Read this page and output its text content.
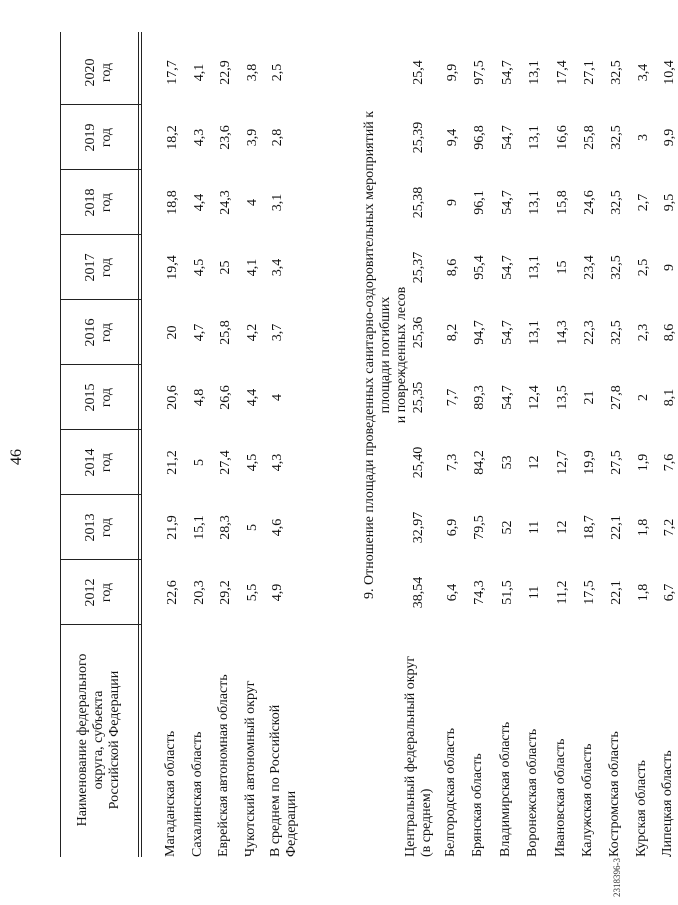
46
Наименование федерального округа, субъекта Российской Федерации
2012 год
2013 год
2014 год
2015 год
2016 год
2017 год
2018 год
2019 год
2020 год
Магаданская область
22,6
21,9
21,2
20,6
20
19,4
18,8
18,2
17,7
Сахалинская область
20,3
15,1
5
4,8
4,7
4,5
4,4
4,3
4,1
Еврейская автономная область
29,2
28,3
27,4
26,6
25,8
25
24,3
23,6
22,9
Чукотский автономный округ
5,5
5
4,5
4,4
4,2
4,1
4
3,9
3,8
В среднем по Российской Федерации
4,9
4,6
4,3
4
3,7
3,4
3,1
2,8
2,5
Центральный федеральный округ (в среднем)
38,54
32,97
25,40
25,35
25,36
25,37
25,38
25,39
25,4
Белгородская область
6,4
6,9
7,3
7,7
8,2
8,6
9
9,4
9,9
Брянская область
74,3
79,5
84,2
89,3
94,7
95,4
96,1
96,8
97,5
Владимирская область
51,5
52
53
54,7
54,7
54,7
54,7
54,7
54,7
Воронежская область
11
11
12
12,4
13,1
13,1
13,1
13,1
13,1
Ивановская область
11,2
12
12,7
13,5
14,3
15
15,8
16,6
17,4
Калужская область
17,5
18,7
19,9
21
22,3
23,4
24,6
25,8
27,1
Костромская область
22,1
22,1
27,5
27,8
32,5
32,5
32,5
32,5
32,5
Курская область
1,8
1,8
1,9
2
2,3
2,5
2,7
3
3,4
Липецкая область
6,7
7,2
7,6
8,1
8,6
9
9,5
9,9
10,4
9. Отношение площади проведенных санитарно-оздоровительных мероприятий к площади погибших и поврежденных лесов
2318396-3
